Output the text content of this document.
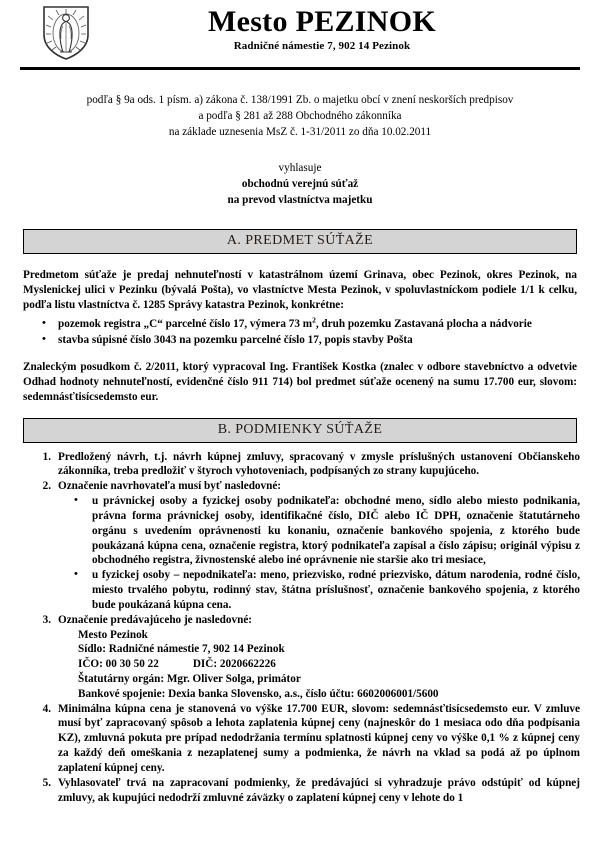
Mesto PEZINOK
Radničné námestie 7, 902 14 Pezinok
podľa § 9a ods. 1 písm. a) zákona č. 138/1991 Zb. o majetku obcí v znení neskorších predpisov
a podľa § 281 až 288 Obchodného zákonníka
na základe uznesenia MsZ č. 1-31/2011 zo dňa 10.02.2011
vyhlasuje
obchodnú verejnú súťaž
na prevod vlastníctva majetku
A. PREDMET SÚŤAŽE
Predmetom súťaže je predaj nehnuteľností v katastrálnom území Grinava, obec Pezinok, okres Pezinok, na Myslenickej ulici v Pezinku (bývalá Pošta), vo vlastníctve Mesta Pezinok, v spoluvlastníckom podiele 1/1 k celku, podľa listu vlastníctva č. 1285 Správy katastra Pezinok, konkrétne:
• pozemok registra „C“ parcelné číslo 17, výmera 73 $m^2$, druh pozemku Zastavaná plocha a nádvorie
• stavba súpisné číslo 3043 na pozemku parcelné číslo 17, popis stavby Pošta
Znaleckým posudkom č. 2/2011, ktorý vypracoval Ing. František Kostka (znalec v odbore stavebníctvo a odvetvie Odhad hodnoty nehnuteľností, evidenčné číslo 911 714) bol predmet súťaže ocenený na sumu 17.700 eur, slovom: sedemnásťtisícsedemsto eur.
B. PODMIENKY SÚŤAŽE
Predložený návrh, t.j. návrh kúpnej zmluvy, spracovaný v zmysle príslušných ustanovení Občianskeho zákonníka, treba predložiť v štyroch vyhotoveniach, podpísaných zo strany kupujúceho.
Označenie navrhovateľa musí byť nasledovné:
• u právnickej osoby a fyzickej osoby podnikateľa: obchodné meno, sídlo alebo miesto podnikania, právna forma právnickej osoby, identifikačné číslo, DIČ alebo IČ DPH, označenie štatutárneho orgánu s uvedením oprávnenosti ku konaniu, označenie bankového spojenia, z ktorého bude poukázaná kúpna cena, označenie registra, ktorý podnikateľa zapísal a číslo zápisu; originál výpisu z obchodného registra, živnostenské alebo iné oprávnenie nie staršie ako tri mesiace,
• u fyzickej osoby – nepodnikateľa: meno, priezvisko, rodné priezvisko, dátum narodenia, rodné číslo, miesto trvalého pobytu, rodinný stav, štátna príslušnosť, označenie bankového spojenia, z ktorého bude poukázaná kúpna cena.
Označenie predávajúceho je nasledovné:
Mesto Pezinok
Sídlo: Radničné námestie 7, 902 14 Pezinok
IČO: 00 30 50 22	DIČ: 2020662226
Štatutárny orgán: Mgr. Oliver Solga, primátor
Bankové spojenie: Dexia banka Slovensko, a.s., číslo účtu: 6602006001/5600
Minimálna kúpna cena je stanovená vo výške 17.700 EUR, slovom: sedemnásťtisícsedemsto eur. V zmluve musí byť zapracovaný spôsob a lehota zaplatenia kúpnej ceny (najneskôr do 1 mesiaca odo dňa podpísania KZ), zmluvná pokuta pre prípad nedodržania termínu splatnosti kúpnej ceny vo výške 0,1 % z kúpnej ceny za každý deň omeškania z nezaplatenej sumy a podmienka, že návrh na vklad sa podá až po úplnom zaplatení kúpnej ceny.
Vyhlasovateľ trvá na zapracovaní podmienky, že predávajúci si vyhradzuje právo odstúpiť od kúpnej zmluvy, ak kupujúci nedodrží zmluvné záväzky o zaplatení kúpnej ceny v lehote do 1
